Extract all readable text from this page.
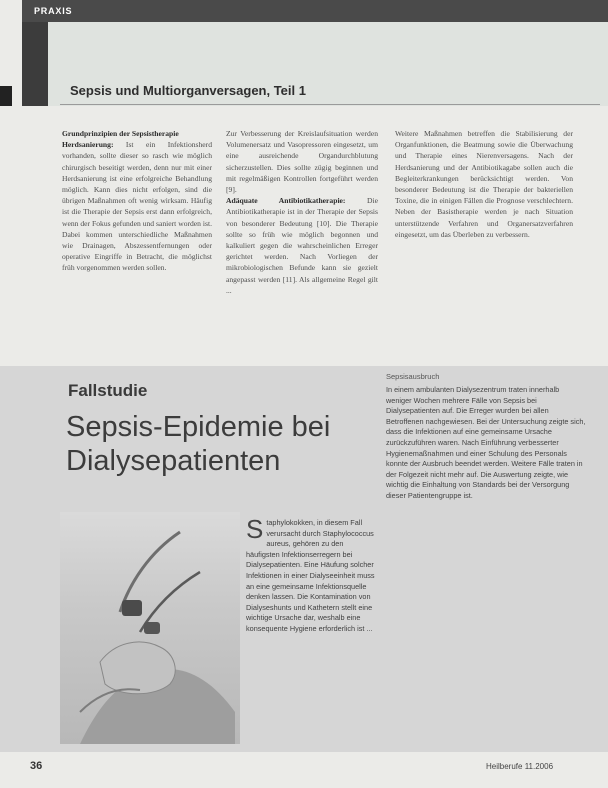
PRAXIS
Sepsis und Multiorganversagen, Teil 1
Grundprinzipien der Sepsistherapie
Herdsanierung: Ist ein Infektionsherd vorhanden, sollte dieser so rasch wie möglich chirurgisch beseitigt werden, denn nur mit einer Herdsanierung ist eine erfolgreiche Behandlung möglich. Kann dies nicht erfolgen, sind die übrigen Maßnahmen oft wenig wirksam. Häufig ist die Therapie der Sepsis erst dann erfolgreich, wenn der Fokus gefunden und saniert worden ist. Dabei kommen unterschiedliche Maßnahmen wie Drainagen, Abszessentfernungen oder operative Eingriffe in Betracht, die möglichst früh vorgenommen werden sollen.
Zur Verbesserung der Kreislaufsituation werden Volumenersatz und Vasopressoren eingesetzt, um eine ausreichende Organdurchblutung sicherzustellen. Dies sollte zügig beginnen und mit regelmäßigen Kontrollen fortgeführt werden [9].
Adäquate Antibiotikatherapie: Die Antibiotikatherapie ist in der Therapie der Sepsis von besonderer Bedeutung [10]. Die Therapie sollte so früh wie möglich begonnen und kalkuliert gegen die wahrscheinlichen Erreger gerichtet werden. Nach Vorliegen der mikrobiologischen Befunde kann sie gezielt angepasst werden [11]. Als allgemeine Regel gilt ...
Weitere Maßnahmen betreffen die Stabilisierung der Organfunktionen, die Beatmung sowie die Überwachung und Therapie eines Nierenversagens. Nach der Herdsanierung und der Antibiotikagabe sollen auch die Begleiterkrankungen berücksichtigt werden. Von besonderer Bedeutung ist die Therapie der bakteriellen Toxine, die in einigen Fällen die Prognose verschlechtern. Neben der Basistherapie werden je nach Situation unterstützende Verfahren und Organersatzverfahren eingesetzt, um das Überleben zu verbessern.
Fallstudie
Sepsis-Epidemie bei Dialysepatienten
Staphylokokken, in diesem Fall verursacht durch Staphylococcus aureus, gehören zu den häufigsten Infektionserregern bei Dialysepatienten. Eine Häufung solcher Infektionen in einer Dialyseeinheit muss an eine gemeinsame Infektionsquelle denken lassen. Die Kontamination von Dialyseshunts und Kathetern stellt eine wichtige Ursache dar, weshalb eine konsequente Hygiene erforderlich ist ...
Sepsisausbruch
In einem ambulanten Dialysezentrum traten innerhalb weniger Wochen mehrere Fälle von Sepsis bei Dialysepatienten auf. Die Erreger wurden bei allen Betroffenen nachgewiesen. Bei der Untersuchung zeigte sich, dass die Infektionen auf eine gemeinsame Ursache zurückzuführen waren. Nach Einführung verbesserter Hygienemaßnahmen und einer Schulung des Personals konnte der Ausbruch beendet werden. Weitere Fälle traten in der Folgezeit nicht mehr auf. Die Auswertung zeigte, wie wichtig die Einhaltung von Standards bei der Versorgung dieser Patientengruppe ist.
36	Heilberufe 11.2006
